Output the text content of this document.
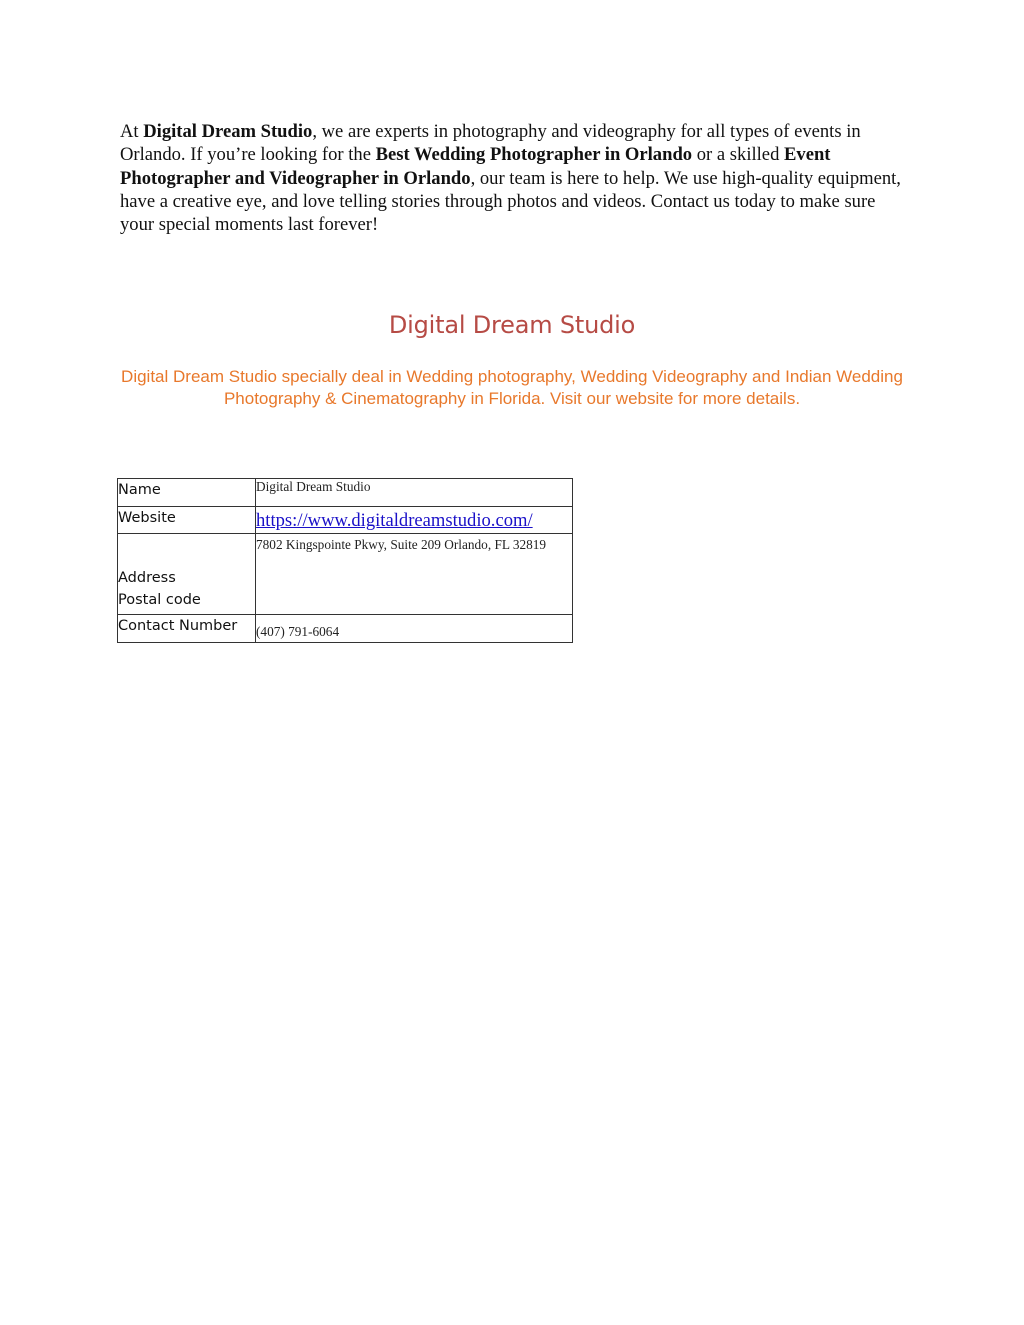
At Digital Dream Studio, we are experts in photography and videography for all types of events in Orlando. If you’re looking for the Best Wedding Photographer in Orlando or a skilled Event Photographer and Videographer in Orlando, our team is here to help. We use high-quality equipment, have a creative eye, and love telling stories through photos and videos. Contact us today to make sure your special moments last forever!

Digital Dream Studio

Digital Dream Studio specially deal in Wedding photography, Wedding Videography and Indian Wedding Photography & Cinematography in Florida. Visit our website for more details.

Name	Digital Dream Studio
Website	https://www.digitaldreamstudio.com/

Address
Postal code	7802 Kingspointe Pkwy, Suite 209 Orlando, FL 32819
Contact Number	(407) 791-6064
